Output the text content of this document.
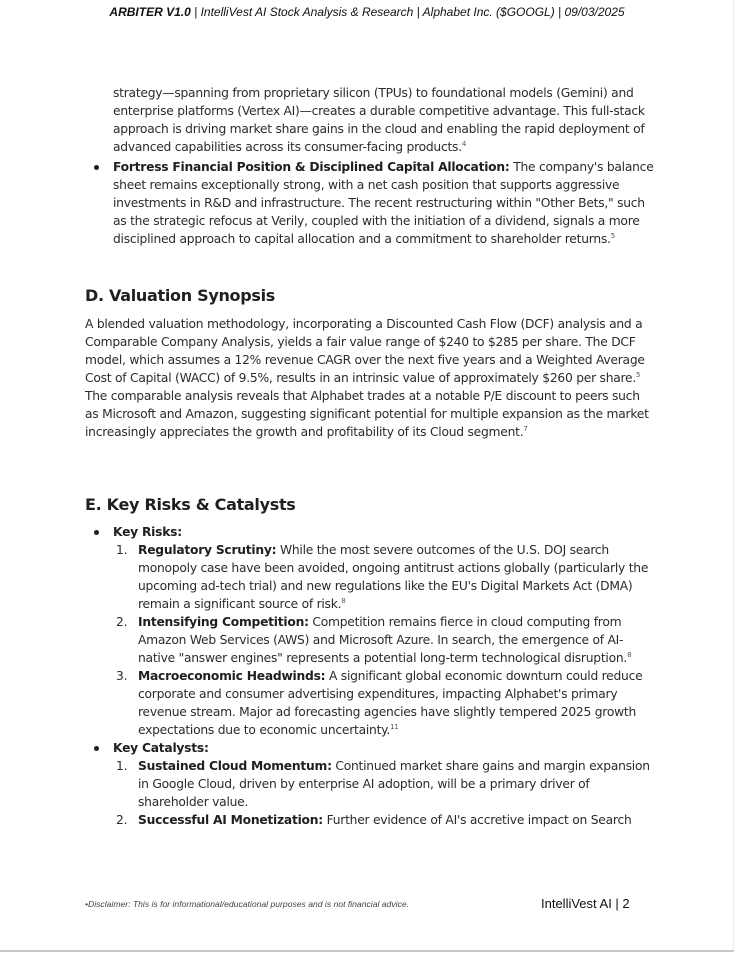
ARBITER V1.0 | IntelliVest AI Stock Analysis & Research | Alphabet Inc. ($GOOGL) | 09/03/2025
strategy—spanning from proprietary silicon (TPUs) to foundational models (Gemini) and enterprise platforms (Vertex AI)—creates a durable competitive advantage. This full-stack approach is driving market share gains in the cloud and enabling the rapid deployment of advanced capabilities across its consumer-facing products.$^4$
Fortress Financial Position & Disciplined Capital Allocation: The company's balance sheet remains exceptionally strong, with a net cash position that supports aggressive investments in R&D and infrastructure. The recent restructuring within "Other Bets," such as the strategic refocus at Verily, coupled with the initiation of a dividend, signals a more disciplined approach to capital allocation and a commitment to shareholder returns.$^5$
D. Valuation Synopsis
A blended valuation methodology, incorporating a Discounted Cash Flow (DCF) analysis and a Comparable Company Analysis, yields a fair value range of $240 to $285 per share. The DCF model, which assumes a 12% revenue CAGR over the next five years and a Weighted Average Cost of Capital (WACC) of 9.5%, results in an intrinsic value of approximately $260 per share.$^5$ The comparable analysis reveals that Alphabet trades at a notable P/E discount to peers such as Microsoft and Amazon, suggesting significant potential for multiple expansion as the market increasingly appreciates the growth and profitability of its Cloud segment.$^7$
E. Key Risks & Catalysts
Key Risks:
1. Regulatory Scrutiny: While the most severe outcomes of the U.S. DOJ search monopoly case have been avoided, ongoing antitrust actions globally (particularly the upcoming ad-tech trial) and new regulations like the EU's Digital Markets Act (DMA) remain a significant source of risk.$^8$
2. Intensifying Competition: Competition remains fierce in cloud computing from Amazon Web Services (AWS) and Microsoft Azure. In search, the emergence of AI-native "answer engines" represents a potential long-term technological disruption.$^8$
3. Macroeconomic Headwinds: A significant global economic downturn could reduce corporate and consumer advertising expenditures, impacting Alphabet's primary revenue stream. Major ad forecasting agencies have slightly tempered 2025 growth expectations due to economic uncertainty.$^{11}$
Key Catalysts:
1. Sustained Cloud Momentum: Continued market share gains and margin expansion in Google Cloud, driven by enterprise AI adoption, will be a primary driver of shareholder value.
2. Successful AI Monetization: Further evidence of AI's accretive impact on Search
•Disclaimer: This is for informational/educational purposes and is not financial advice.	IntelliVest AI | 2
